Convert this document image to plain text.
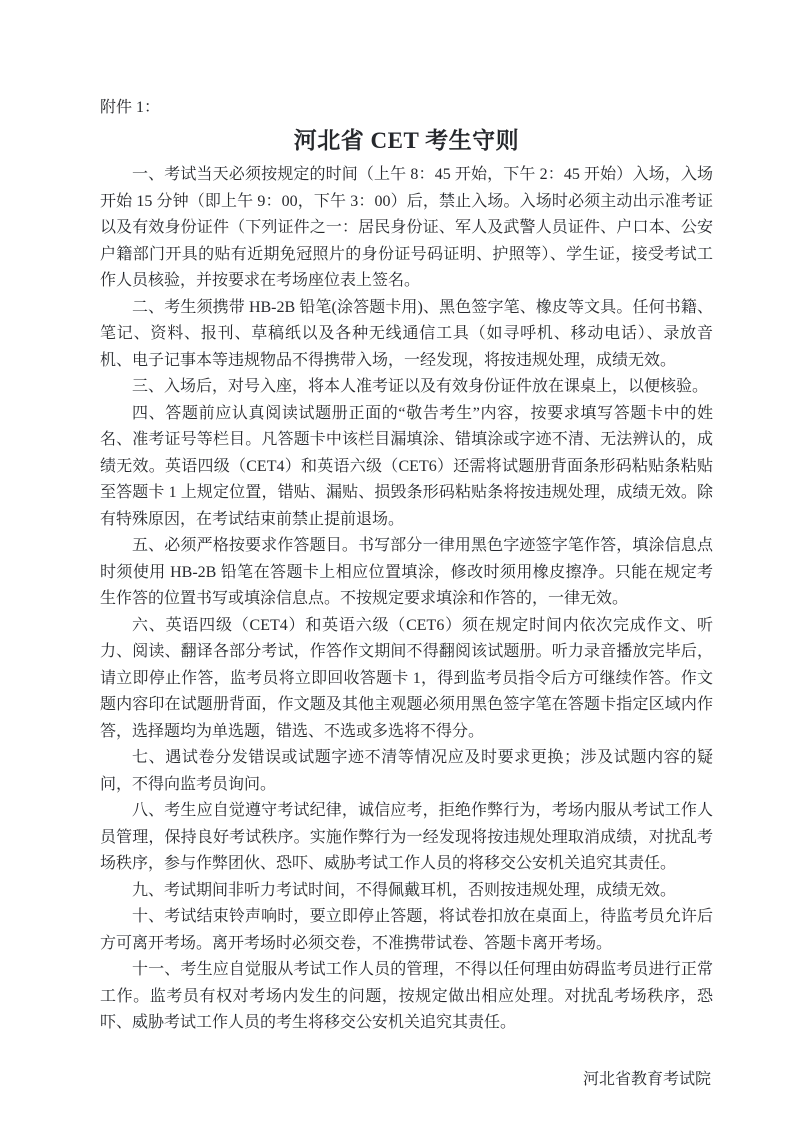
附件 1：

河北省 CET 考生守则

一、考试当天必须按规定的时间（上午 8：45 开始，下午 2：45 开始）入场，入场开始 15 分钟（即上午 9：00，下午 3：00）后，禁止入场。入场时必须主动出示准考证以及有效身份证件（下列证件之一：居民身份证、军人及武警人员证件、户口本、公安户籍部门开具的贴有近期免冠照片的身份证号码证明、护照等）、学生证，接受考试工作人员核验，并按要求在考场座位表上签名。

二、考生须携带 HB-2B 铅笔(涂答题卡用)、黑色签字笔、橡皮等文具。任何书籍、笔记、资料、报刊、草稿纸以及各种无线通信工具（如寻呼机、移动电话）、录放音机、电子记事本等违规物品不得携带入场，一经发现，将按违规处理，成绩无效。

三、入场后，对号入座，将本人准考证以及有效身份证件放在课桌上，以便核验。

四、答题前应认真阅读试题册正面的“敬告考生”内容，按要求填写答题卡中的姓名、准考证号等栏目。凡答题卡中该栏目漏填涂、错填涂或字迹不清、无法辨认的，成绩无效。英语四级（CET4）和英语六级（CET6）还需将试题册背面条形码粘贴条粘贴至答题卡 1 上规定位置，错贴、漏贴、损毁条形码粘贴条将按违规处理，成绩无效。除有特殊原因，在考试结束前禁止提前退场。

五、必须严格按要求作答题目。书写部分一律用黑色字迹签字笔作答，填涂信息点时须使用 HB-2B 铅笔在答题卡上相应位置填涂，修改时须用橡皮擦净。只能在规定考生作答的位置书写或填涂信息点。不按规定要求填涂和作答的，一律无效。

六、英语四级（CET4）和英语六级（CET6）须在规定时间内依次完成作文、听力、阅读、翻译各部分考试，作答作文期间不得翻阅该试题册。听力录音播放完毕后，请立即停止作答，监考员将立即回收答题卡 1，得到监考员指令后方可继续作答。作文题内容印在试题册背面，作文题及其他主观题必须用黑色签字笔在答题卡指定区域内作答，选择题均为单选题，错选、不选或多选将不得分。

七、遇试卷分发错误或试题字迹不清等情况应及时要求更换；涉及试题内容的疑问，不得向监考员询问。

八、考生应自觉遵守考试纪律，诚信应考，拒绝作弊行为，考场内服从考试工作人员管理，保持良好考试秩序。实施作弊行为一经发现将按违规处理取消成绩，对扰乱考场秩序，参与作弊团伙、恐吓、威胁考试工作人员的将移交公安机关追究其责任。

九、考试期间非听力考试时间，不得佩戴耳机，否则按违规处理，成绩无效。

十、考试结束铃声响时，要立即停止答题，将试卷扣放在桌面上，待监考员允许后方可离开考场。离开考场时必须交卷，不准携带试卷、答题卡离开考场。

十一、考生应自觉服从考试工作人员的管理，不得以任何理由妨碍监考员进行正常工作。监考员有权对考场内发生的问题，按规定做出相应处理。对扰乱考场秩序，恐吓、威胁考试工作人员的考生将移交公安机关追究其责任。

河北省教育考试院
